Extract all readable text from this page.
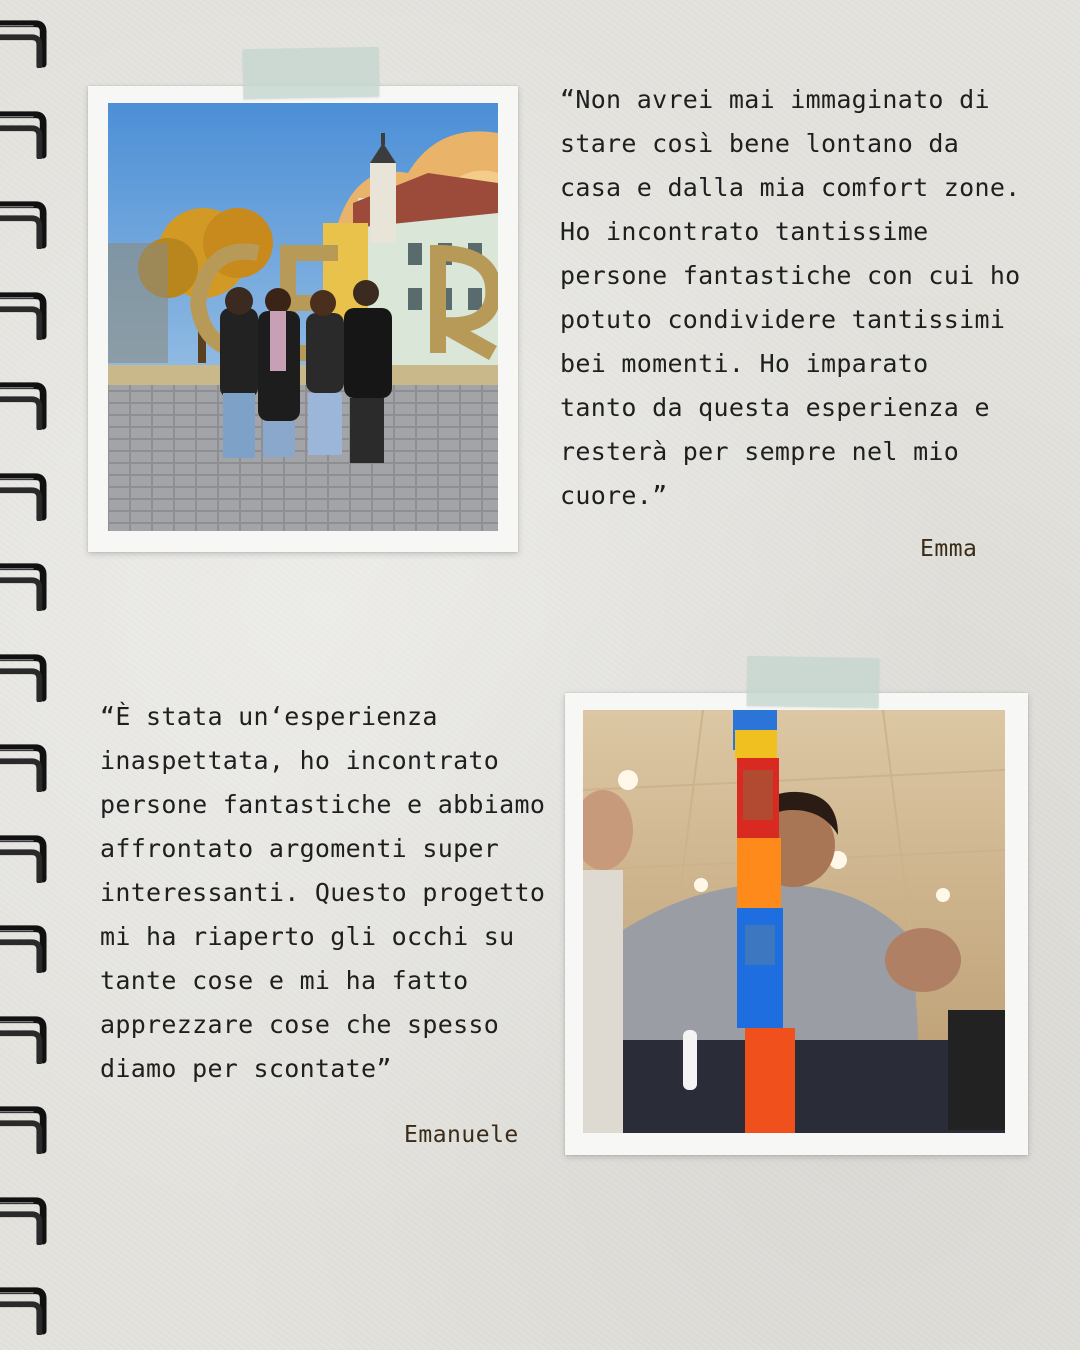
“Non avrei mai immaginato di
stare così bene lontano da
casa e dalla mia comfort zone.
Ho incontrato tantissime
persone fantastiche con cui ho
potuto condividere tantissimi
bei momenti. Ho imparato
tanto da questa esperienza e
resterà per sempre nel mio
cuore.”

Emma

“È stata un‘esperienza
inaspettata, ho incontrato
persone fantastiche e abbiamo
affrontato argomenti super
interessanti. Questo progetto
mi ha riaperto gli occhi su
tante cose e mi ha fatto
apprezzare cose che spesso
diamo per scontate”

Emanuele
